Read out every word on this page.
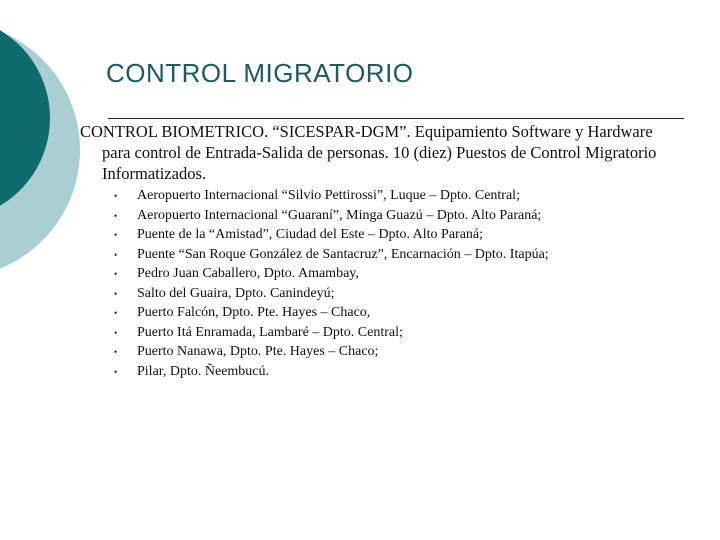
CONTROL MIGRATORIO
CONTROL BIOMETRICO. “SICESPAR-DGM”. Equipamiento Software y Hardware para control de Entrada-Salida de personas. 10 (diez) Puestos de Control Migratorio Informatizados.
• Aeropuerto Internacional “Silvio Pettirossi”, Luque – Dpto. Central;
• Aeropuerto Internacional “Guaraní”, Minga Guazú – Dpto. Alto Paraná;
• Puente de la “Amistad”, Ciudad del Este – Dpto. Alto Paraná;
• Puente “San Roque González de Santacruz”, Encarnación – Dpto. Itapúa;
• Pedro Juan Caballero, Dpto. Amambay,
• Salto del Guaira, Dpto. Canindeyú;
• Puerto Falcón, Dpto. Pte. Hayes – Chaco,
• Puerto Itá Enramada, Lambaré – Dpto. Central;
• Puerto Nanawa, Dpto. Pte. Hayes – Chaco;
• Pilar, Dpto. Ñeembucú.
